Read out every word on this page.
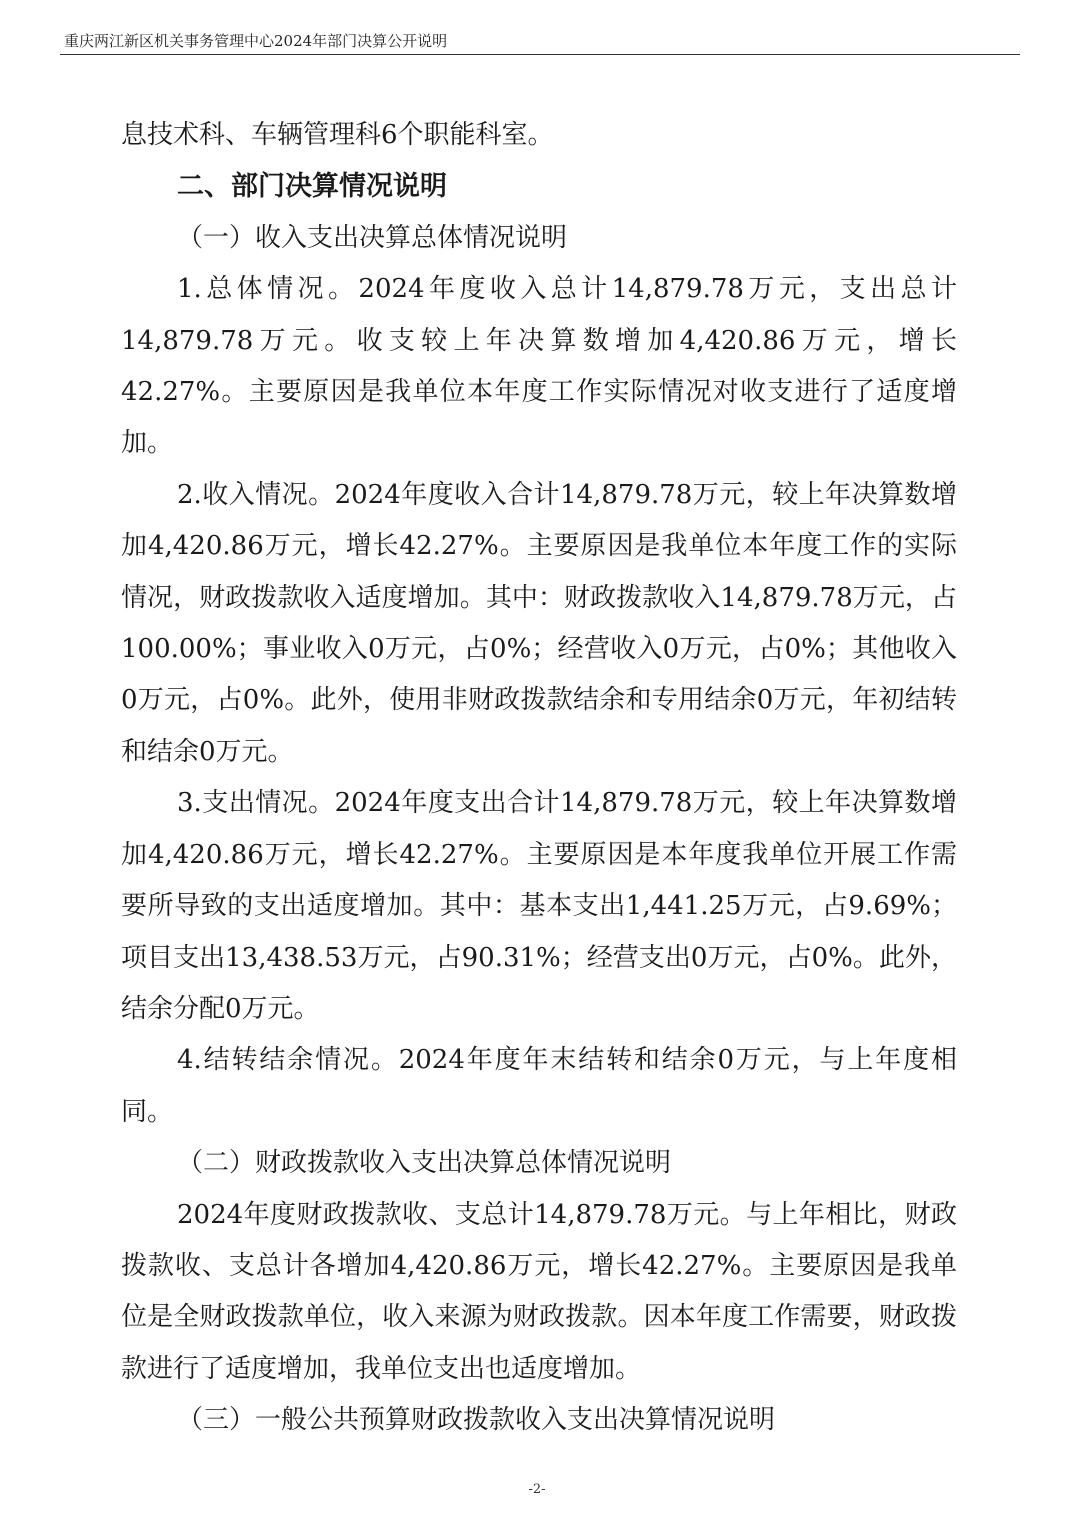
重庆两江新区机关事务管理中心2024年部门决算公开说明

息技术科、车辆管理科6个职能科室。

二、部门决算情况说明

（一）收入支出决算总体情况说明

1.总体情况。2024年度收入总计14,879.78万元，支出总计14,879.78万元。收支较上年决算数增加4,420.86万元，增长42.27%。主要原因是我单位本年度工作实际情况对收支进行了适度增加。

2.收入情况。2024年度收入合计14,879.78万元，较上年决算数增加4,420.86万元，增长42.27%。主要原因是我单位本年度工作的实际情况，财政拨款收入适度增加。其中：财政拨款收入14,879.78万元，占100.00%；事业收入0万元，占0%；经营收入0万元，占0%；其他收入0万元，占0%。此外，使用非财政拨款结余和专用结余0万元，年初结转和结余0万元。

3.支出情况。2024年度支出合计14,879.78万元，较上年决算数增加4,420.86万元，增长42.27%。主要原因是本年度我单位开展工作需要所导致的支出适度增加。其中：基本支出1,441.25万元，占9.69%；项目支出13,438.53万元，占90.31%；经营支出0万元，占0%。此外，结余分配0万元。

4.结转结余情况。2024年度年末结转和结余0万元，与上年度相同。

（二）财政拨款收入支出决算总体情况说明

2024年度财政拨款收、支总计14,879.78万元。与上年相比，财政拨款收、支总计各增加4,420.86万元，增长42.27%。主要原因是我单位是全财政拨款单位，收入来源为财政拨款。因本年度工作需要，财政拨款进行了适度增加，我单位支出也适度增加。

（三）一般公共预算财政拨款收入支出决算情况说明

-2-
